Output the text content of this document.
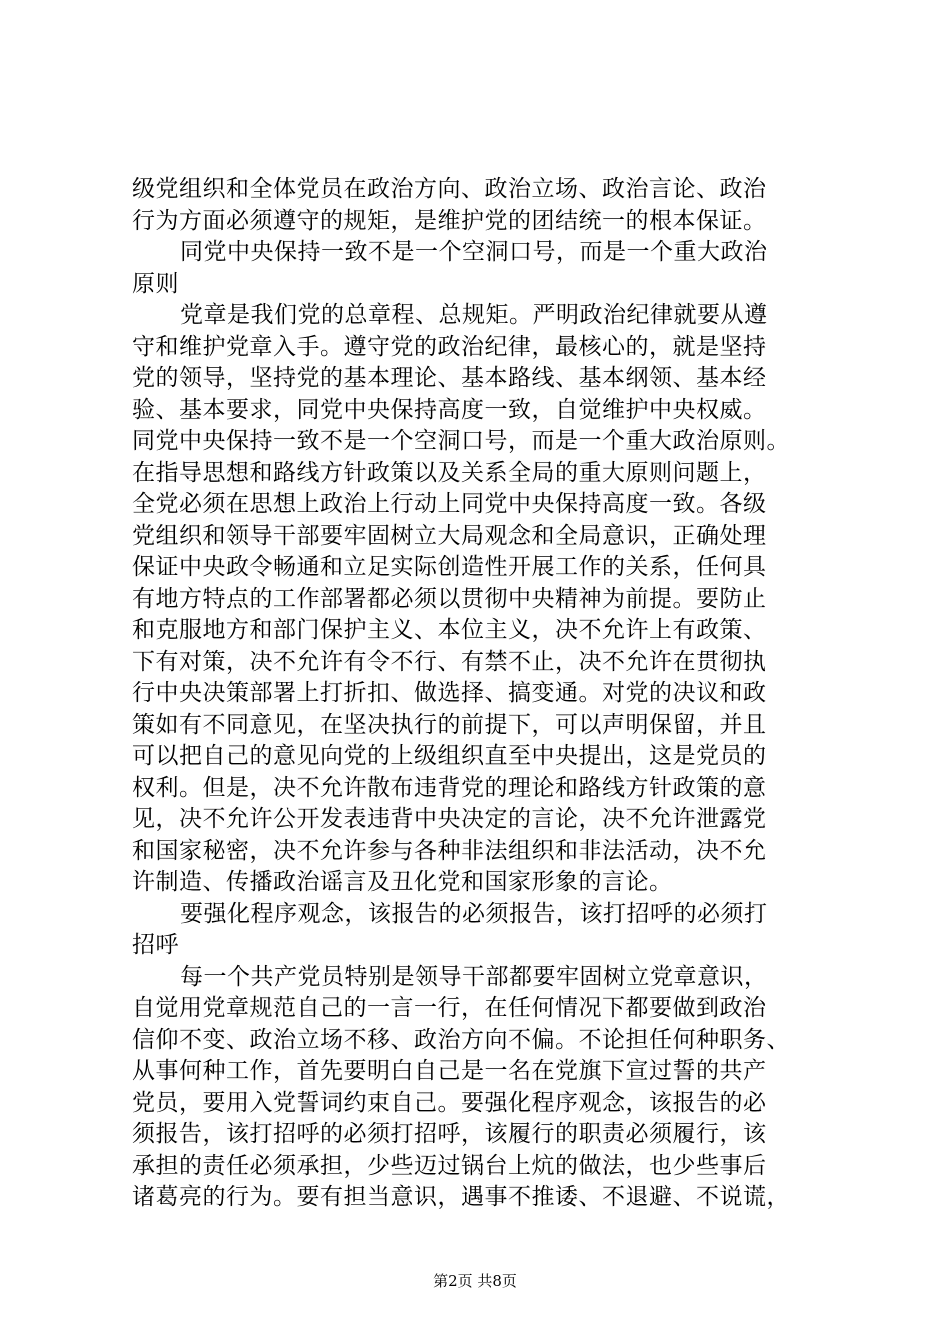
级党组织和全体党员在政治方向、政治立场、政治言论、政治
行为方面必须遵守的规矩，是维护党的团结统一的根本保证。
同党中央保持一致不是一个空洞口号，而是一个重大政治
原则
党章是我们党的总章程、总规矩。严明政治纪律就要从遵
守和维护党章入手。遵守党的政治纪律，最核心的，就是坚持
党的领导，坚持党的基本理论、基本路线、基本纲领、基本经
验、基本要求，同党中央保持高度一致，自觉维护中央权威。
同党中央保持一致不是一个空洞口号，而是一个重大政治原则。
在指导思想和路线方针政策以及关系全局的重大原则问题上，
全党必须在思想上政治上行动上同党中央保持高度一致。各级
党组织和领导干部要牢固树立大局观念和全局意识，正确处理
保证中央政令畅通和立足实际创造性开展工作的关系，任何具
有地方特点的工作部署都必须以贯彻中央精神为前提。要防止
和克服地方和部门保护主义、本位主义，决不允许上有政策、
下有对策，决不允许有令不行、有禁不止，决不允许在贯彻执
行中央决策部署上打折扣、做选择、搞变通。对党的决议和政
策如有不同意见，在坚决执行的前提下，可以声明保留，并且
可以把自己的意见向党的上级组织直至中央提出，这是党员的
权利。但是，决不允许散布违背党的理论和路线方针政策的意
见，决不允许公开发表违背中央决定的言论，决不允许泄露党
和国家秘密，决不允许参与各种非法组织和非法活动，决不允
许制造、传播政治谣言及丑化党和国家形象的言论。
要强化程序观念，该报告的必须报告，该打招呼的必须打
招呼
每一个共产党员特别是领导干部都要牢固树立党章意识，
自觉用党章规范自己的一言一行，在任何情况下都要做到政治
信仰不变、政治立场不移、政治方向不偏。不论担任何种职务、
从事何种工作，首先要明白自己是一名在党旗下宣过誓的共产
党员，要用入党誓词约束自己。要强化程序观念，该报告的必
须报告，该打招呼的必须打招呼，该履行的职责必须履行，该
承担的责任必须承担，少些迈过锅台上炕的做法，也少些事后
诸葛亮的行为。要有担当意识，遇事不推诿、不退避、不说谎，
第2页 共8页
